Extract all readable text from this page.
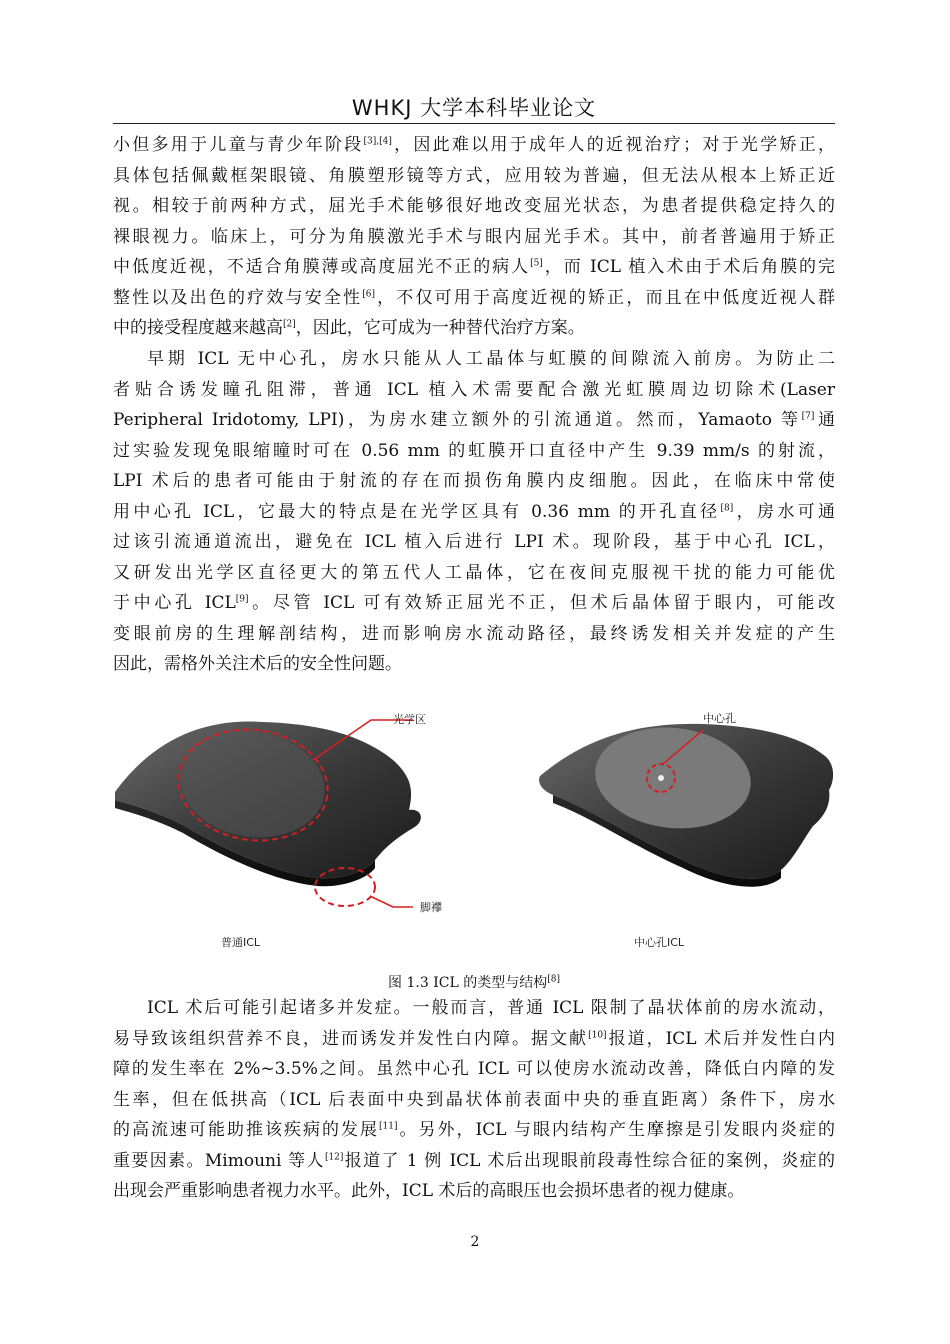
WHKJ 大学本科毕业论文
小但多用于儿童与青少年阶段[3],[4]，因此难以用于成年人的近视治疗；对于光学矫正，
具体包括佩戴框架眼镜、角膜塑形镜等方式，应用较为普遍，但无法从根本上矫正近
视。相较于前两种方式，屈光手术能够很好地改变屈光状态，为患者提供稳定持久的
裸眼视力。临床上，可分为角膜激光手术与眼内屈光手术。其中，前者普遍用于矫正
中低度近视，不适合角膜薄或高度屈光不正的病人[5]，而 ICL 植入术由于术后角膜的完
整性以及出色的疗效与安全性[6]，不仅可用于高度近视的矫正，而且在中低度近视人群
中的接受程度越来越高[2]，因此，它可成为一种替代治疗方案。
早期 ICL 无中心孔，房水只能从人工晶体与虹膜的间隙流入前房。为防止二
者贴合诱发瞳孔阻滞，普通 ICL 植入术需要配合激光虹膜周边切除术(Laser
Peripheral Iridotomy, LPI)，为房水建立额外的引流通道。然而，Yamaoto 等[7]通
过实验发现兔眼缩瞳时可在 0.56 mm 的虹膜开口直径中产生 9.39 mm/s 的射流，
LPI 术后的患者可能由于射流的存在而损伤角膜内皮细胞。因此，在临床中常使
用中心孔 ICL，它最大的特点是在光学区具有 0.36 mm 的开孔直径[8]，房水可通
过该引流通道流出，避免在 ICL 植入后进行 LPI 术。现阶段，基于中心孔 ICL，
又研发出光学区直径更大的第五代人工晶体，它在夜间克服视干扰的能力可能优
于中心孔 ICL[9]。尽管 ICL 可有效矫正屈光不正，但术后晶体留于眼内，可能改
变眼前房的生理解剖结构，进而影响房水流动路径，最终诱发相关并发症的产生
因此，需格外关注术后的安全性问题。
光学区
脚襻
中心孔
普通ICL	中心孔ICL
图 1.3 ICL 的类型与结构[8]
ICL 术后可能引起诸多并发症。一般而言，普通 ICL 限制了晶状体前的房水流动，
易导致该组织营养不良，进而诱发并发性白内障。据文献[10]报道，ICL 术后并发性白内
障的发生率在 2%~3.5%之间。虽然中心孔 ICL 可以使房水流动改善，降低白内障的发
生率，但在低拱高（ICL 后表面中央到晶状体前表面中央的垂直距离）条件下，房水
的高流速可能助推该疾病的发展[11]。另外，ICL 与眼内结构产生摩擦是引发眼内炎症的
重要因素。Mimouni 等人[12]报道了 1 例 ICL 术后出现眼前段毒性综合征的案例，炎症的
出现会严重影响患者视力水平。此外，ICL 术后的高眼压也会损坏患者的视力健康。
2
